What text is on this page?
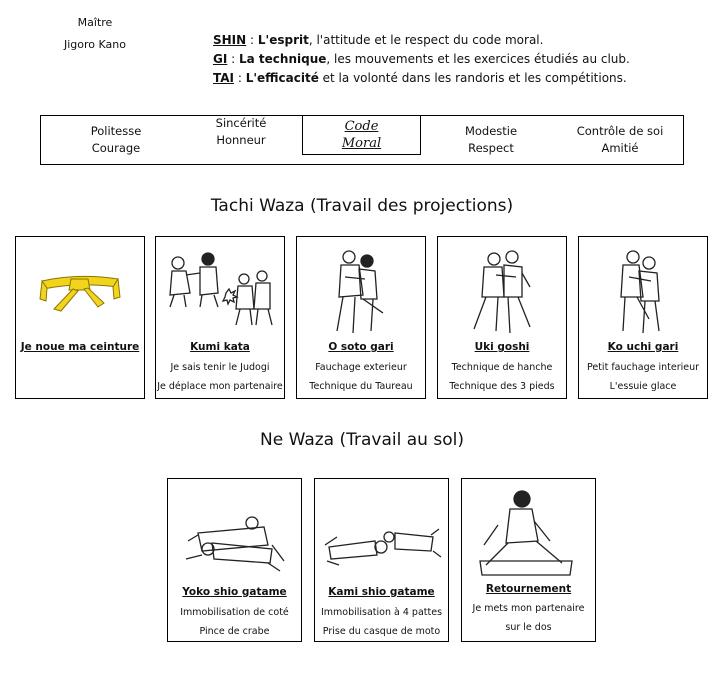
Maître
Jigoro Kano	SHIN : L'esprit, l'attitude et le respect du code moral.
GI : La technique, les mouvements et les exercices étudiés au club.
TAI : L'efficacité et la volonté dans les randoris et les compétitions.
Politesse
Courage
Sincérité
Honneur
Code
Moral
Modestie
Respect
Contrôle de soi
Amitié
Tachi Waza (Travail des projections)
Je noue ma ceinture	Kumi kata
Je sais tenir le Judogi
Je déplace mon partenaire
O soto gari
Fauchage exterieur
Technique du Taureau
Uki goshi
Technique de hanche
Technique des 3 pieds
Ko uchi gari
Petit fauchage interieur
L'essuie glace
Ne Waza (Travail au sol)
Yoko shio gatame
Immobilisation de coté
Pince de crabe
Kami shio gatame
Immobilisation à 4 pattes
Prise du casque de moto
Retournement
Je mets mon partenaire
sur le dos
